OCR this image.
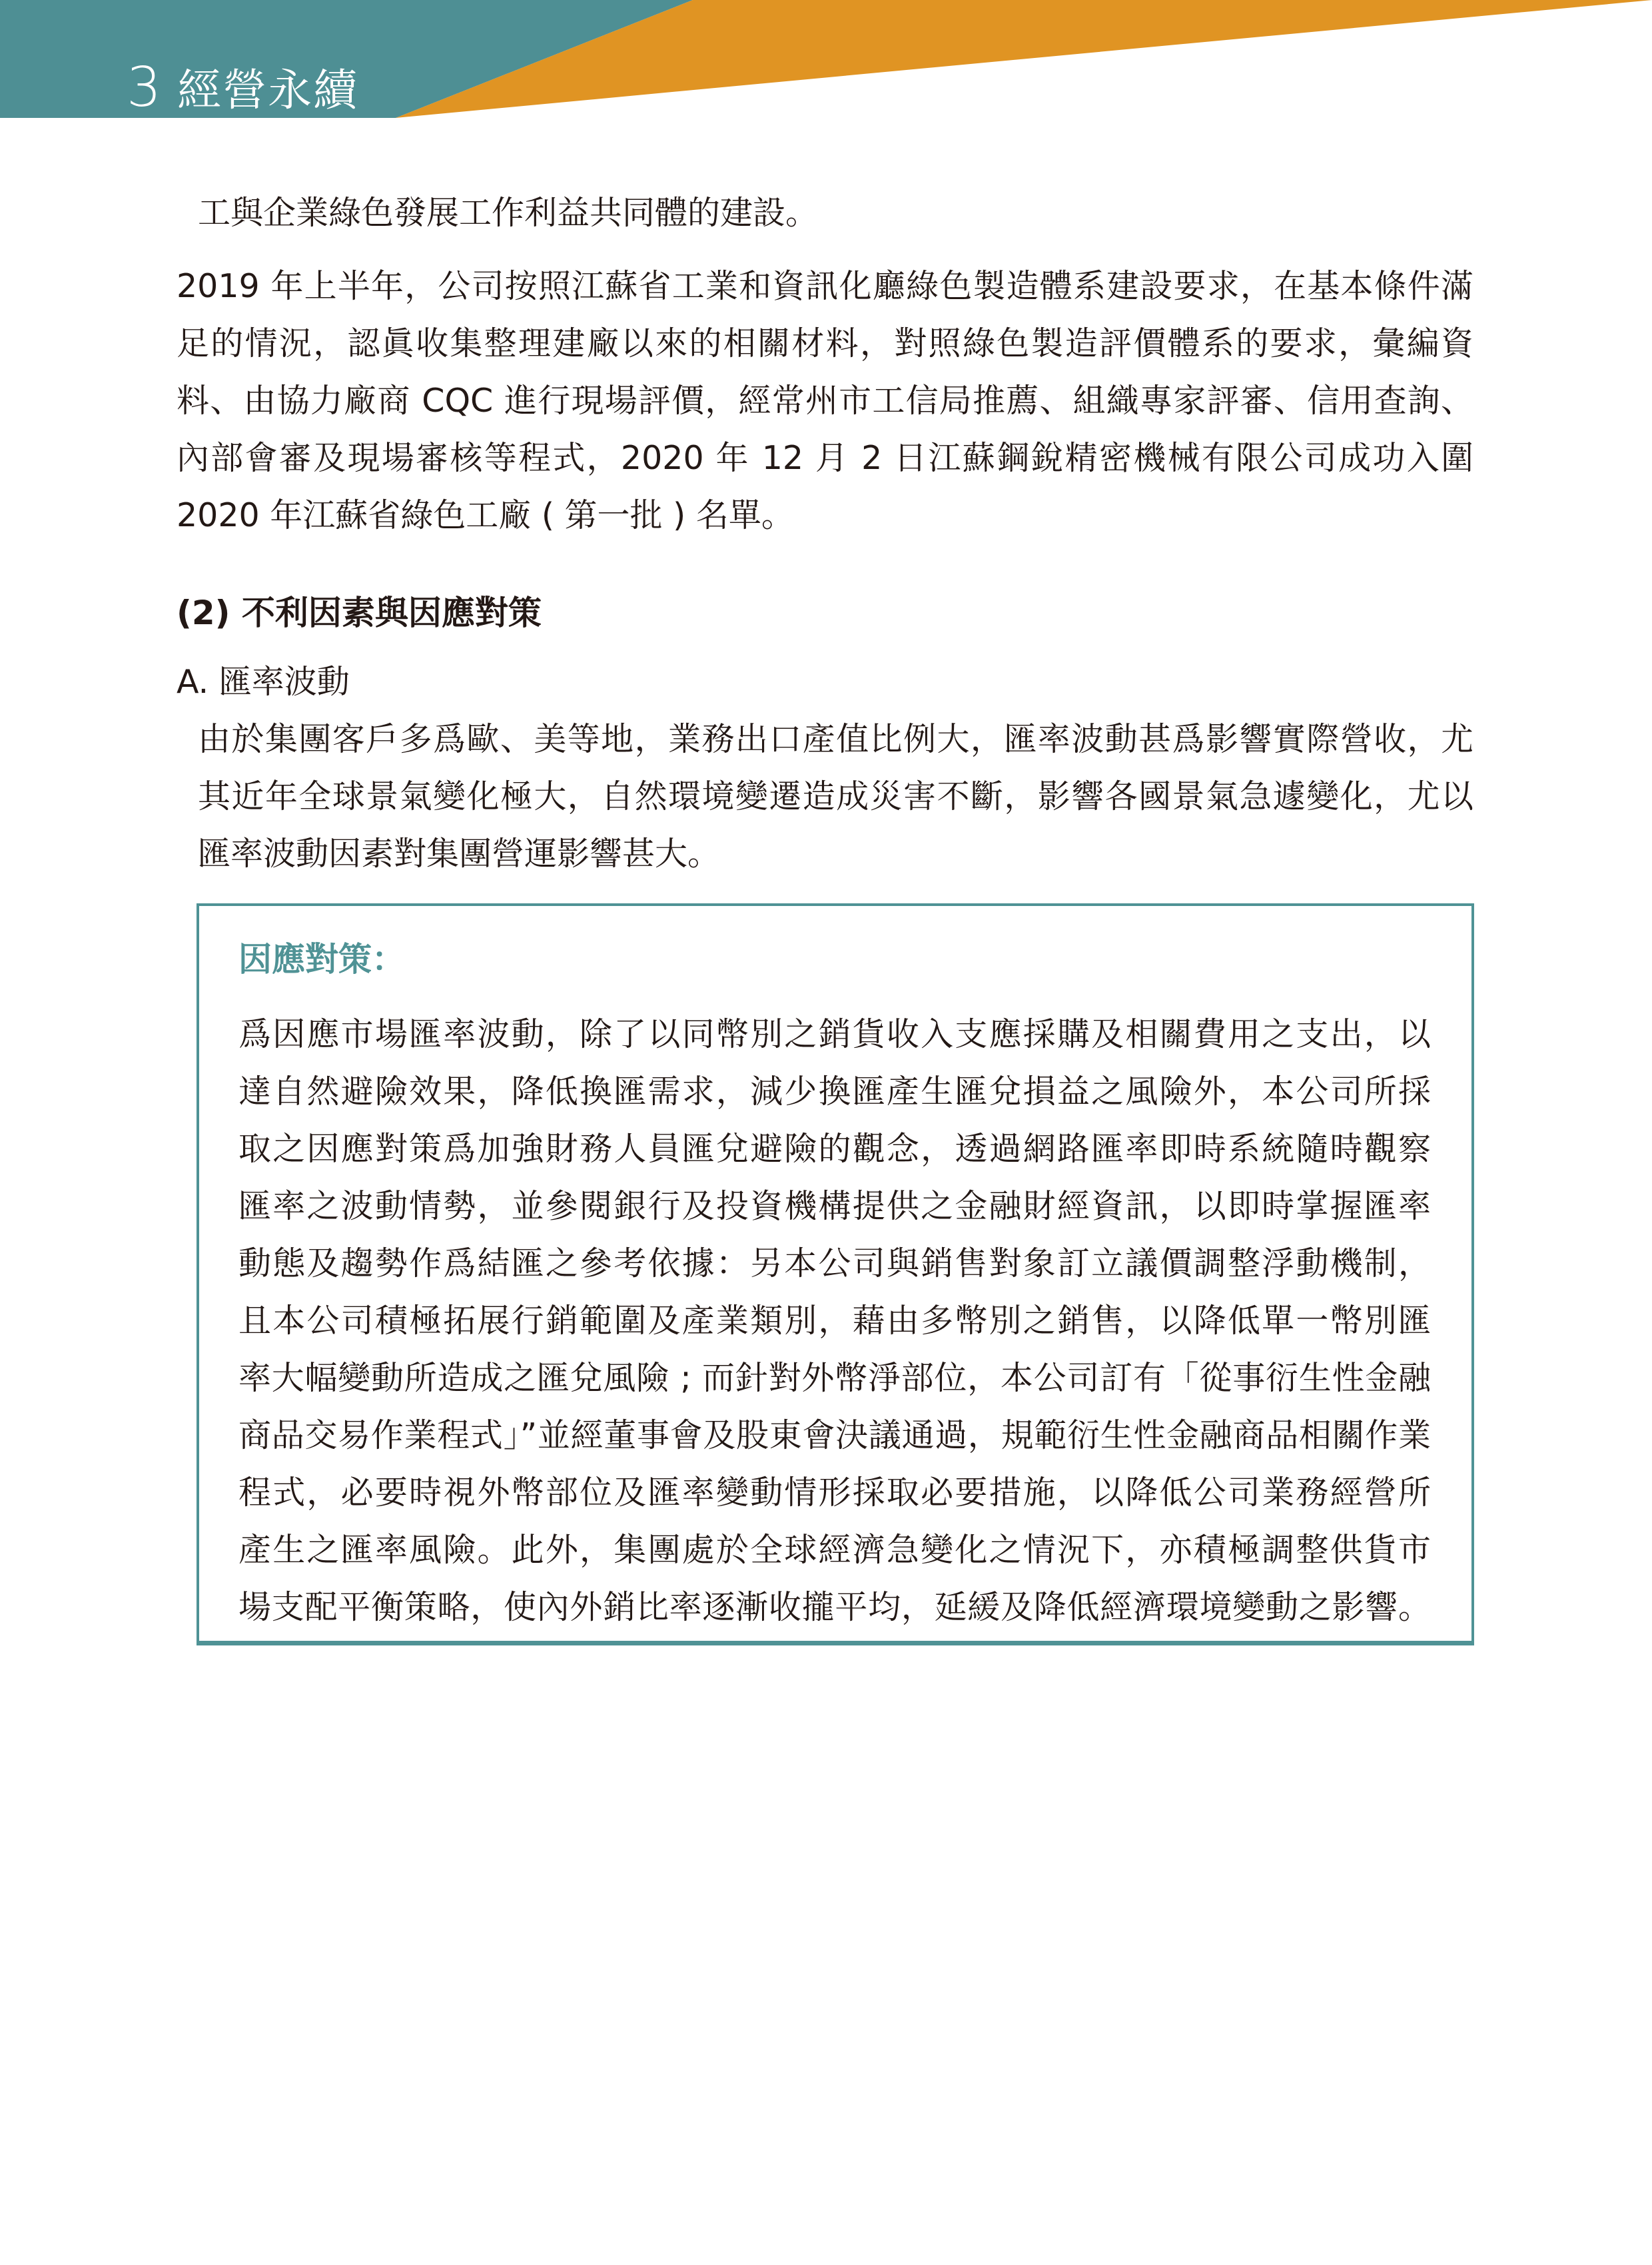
3 經營永續
工與企業綠色發展工作利益共同體的建設。
2019 年上半年，公司按照江蘇省工業和資訊化廳綠色製造體系建設要求，在基本條件滿
足的情況，認眞收集整理建廠以來的相關材料，對照綠色製造評價體系的要求，彙編資
料、由協力廠商 CQC 進行現場評價，經常州市工信局推薦、組織專家評審、信用查詢、
內部會審及現場審核等程式，2020 年 12 月 2 日江蘇鋼銳精密機械有限公司成功入圍
2020 年江蘇省綠色工廠 ( 第一批 ) 名單。
(2) 不利因素與因應對策
A. 匯率波動
由於集團客戶多爲歐、美等地，業務出口產值比例大，匯率波動甚爲影響實際營收，尤
其近年全球景氣變化極大，自然環境變遷造成災害不斷，影響各國景氣急遽變化，尤以
匯率波動因素對集團營運影響甚大。
因應對策：
爲因應市場匯率波動，除了以同幣別之銷貨收入支應採購及相關費用之支出，以
達自然避險效果，降低換匯需求，減少換匯產生匯兌損益之風險外，本公司所採
取之因應對策爲加強財務人員匯兌避險的觀念，透過網路匯率即時系統隨時觀察
匯率之波動情勢，並參閱銀行及投資機構提供之金融財經資訊，以即時掌握匯率
動態及趨勢作爲結匯之參考依據：另本公司與銷售對象訂立議價調整浮動機制，
且本公司積極拓展行銷範圍及產業類別，藉由多幣別之銷售，以降低單一幣別匯
率大幅變動所造成之匯兌風險 ; 而針對外幣淨部位，本公司訂有「從事衍生性金融
商品交易作業程式」”並經董事會及股東會決議通過，規範衍生性金融商品相關作業
程式，必要時視外幣部位及匯率變動情形採取必要措施，以降低公司業務經營所
產生之匯率風險。此外，集團處於全球經濟急變化之情況下，亦積極調整供貨市
場支配平衡策略，使內外銷比率逐漸收攏平均，延緩及降低經濟環境變動之影響。
